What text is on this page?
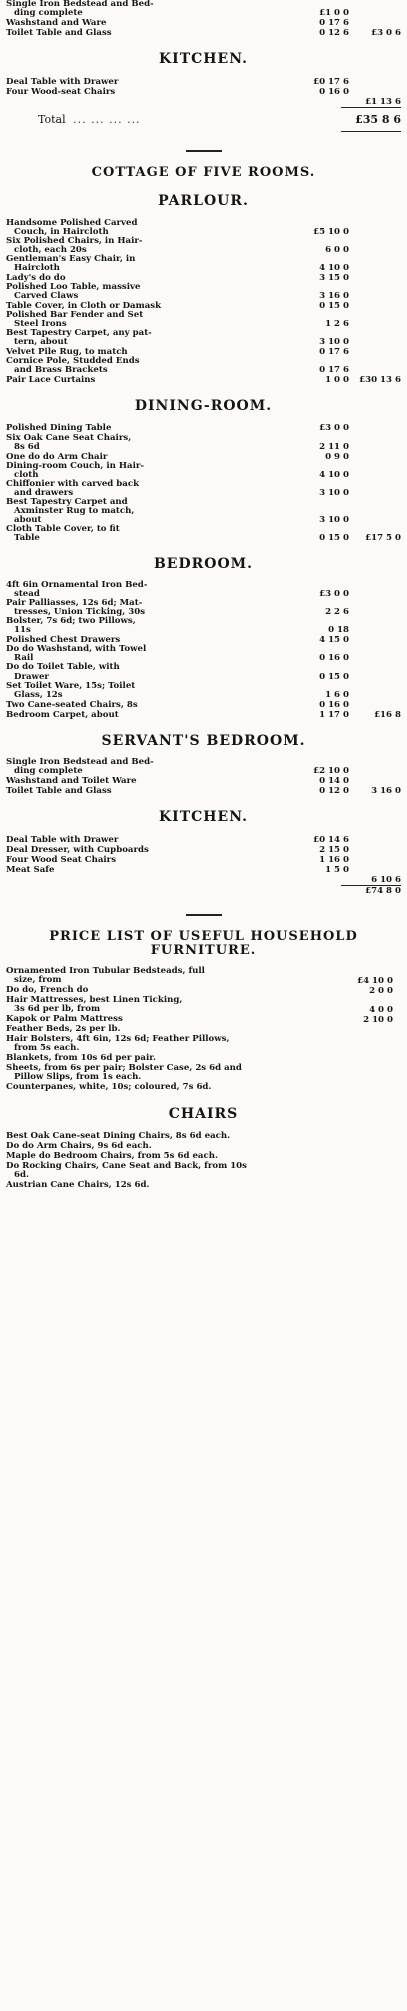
Single Iron Bedstead and Bed-
ding complete	£1 0 0
Washstand and Ware	0 17 6
Toilet Table and Glass	0 12 6	£3 0 6
KITCHEN.
Deal Table with Drawer	£0 17 6
Four Wood-seat Chairs	0 16 0
£1 13 6
Total ... ... ... ...	£35 8 6
COTTAGE OF FIVE ROOMS.
PARLOUR.
Handsome Polished Carved
Couch, in Haircloth	£5 10 0
Six Polished Chairs, in Hair-
cloth, each 20s	6 0 0
Gentleman's Easy Chair, in
Haircloth	4 10 0
Lady's do do	3 15 0
Polished Loo Table, massive
Carved Claws	3 16 0
Table Cover, in Cloth or Damask	0 15 0
Polished Bar Fender and Set
Steel Irons	1 2 6
Best Tapestry Carpet, any pat-
tern, about	3 10 0
Velvet Pile Rug, to match	0 17 6
Cornice Pole, Studded Ends
and Brass Brackets	0 17 6
Pair Lace Curtains	1 0 0	£30 13 6
DINING-ROOM.
Polished Dining Table	£3 0 0
Six Oak Cane Seat Chairs,
8s 6d	2 11 0
One do do Arm Chair	0 9 0
Dining-room Couch, in Hair-
cloth	4 10 0
Chiffonier with carved back
and drawers	3 10 0
Best Tapestry Carpet and
Axminster Rug to match,
about	3 10 0
Cloth Table Cover, to fit
Table	0 15 0	£17 5 0
BEDROOM.
4ft 6in Ornamental Iron Bed-
stead	£3 0 0
Pair Palliasses, 12s 6d; Mat-
tresses, Union Ticking, 30s	2 2 6
Bolster, 7s 6d; two Pillows,
11s	0 18
Polished Chest Drawers	4 15 0
Do do Washstand, with Towel
Rail	0 16 0
Do do Toilet Table, with
Drawer	0 15 0
Set Toilet Ware, 15s; Toilet
Glass, 12s	1 6 0
Two Cane-seated Chairs, 8s	0 16 0
Bedroom Carpet, about	1 17 0	£16 8
SERVANT'S BEDROOM.
Single Iron Bedstead and Bed-
ding complete	£2 10 0
Washstand and Toilet Ware	0 14 0
Toilet Table and Glass	0 12 0	3 16 0
KITCHEN.
Deal Table with Drawer	£0 14 6
Deal Dresser, with Cupboards	2 15 0
Four Wood Seat Chairs	1 16 0
Meat Safe	1 5 0
6 10 6
£74 8 0
PRICE LIST OF USEFUL HOUSEHOLD
FURNITURE.
Ornamented Iron Tubular Bedsteads, full
size, from	£4 10 0
Do do, French do	2 0 0
Hair Mattresses, best Linen Ticking,
3s 6d per lb, from	4 0 0
Kapok or Palm Mattress	2 10 0
Feather Beds, 2s per lb.
Hair Bolsters, 4ft 6in, 12s 6d; Feather Pillows,
from 5s each.
Blankets, from 10s 6d per pair.
Sheets, from 6s per pair; Bolster Case, 2s 6d and
Pillow Slips, from 1s each.
Counterpanes, white, 10s; coloured, 7s 6d.
CHAIRS
Best Oak Cane-seat Dining Chairs, 8s 6d each.
Do do Arm Chairs, 9s 6d each.
Maple do Bedroom Chairs, from 5s 6d each.
Do Rocking Chairs, Cane Seat and Back, from 10s
6d.
Austrian Cane Chairs, 12s 6d.
